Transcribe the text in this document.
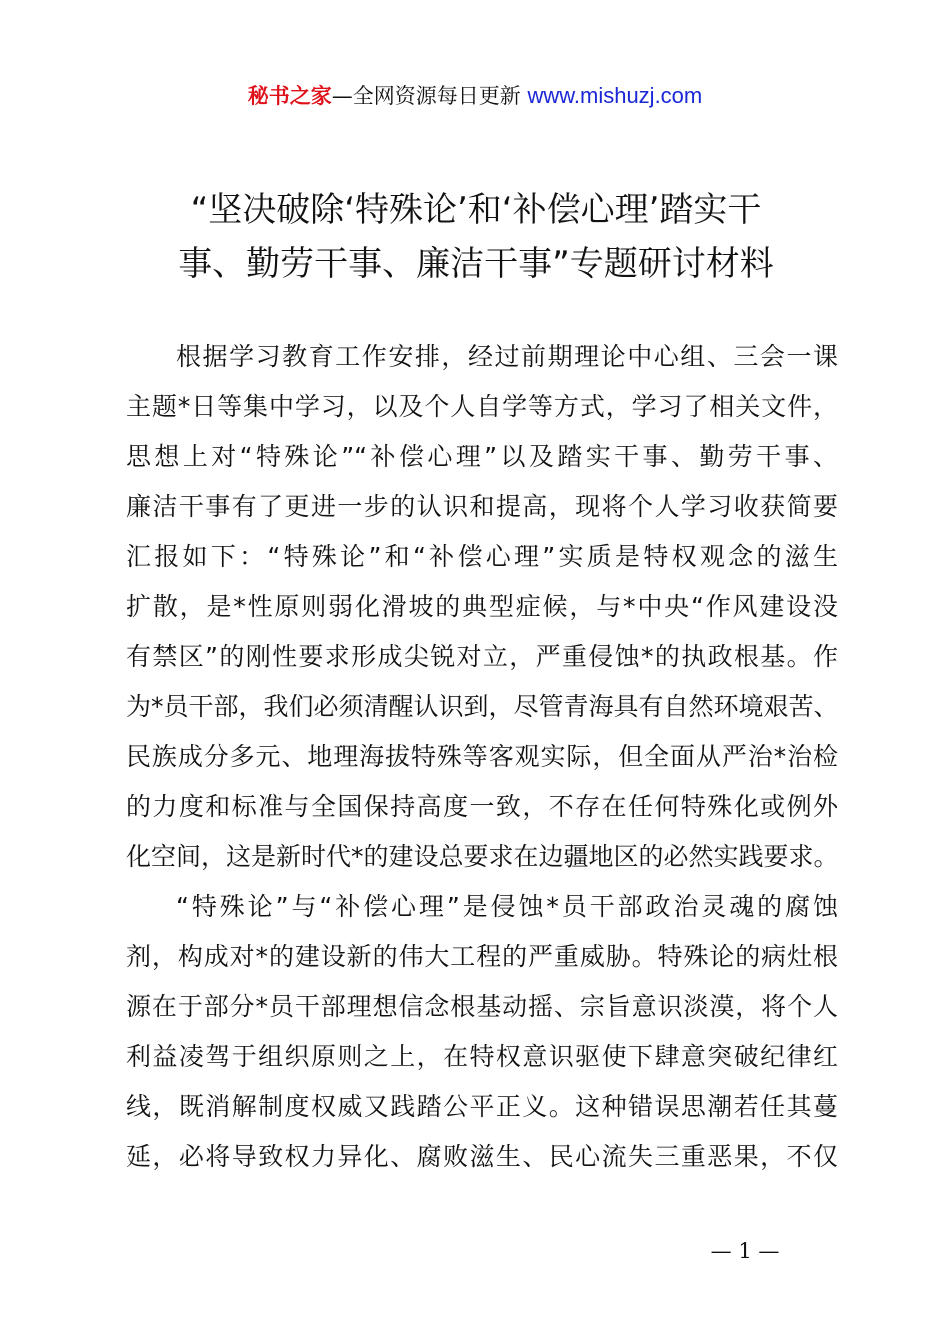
秘书之家—全网资源每日更新 www.mishuzj.com
“坚决破除‘特殊论’和‘补偿心理’踏实干
事、勤劳干事、廉洁干事”专题研讨材料
根据学习教育工作安排，经过前期理论中心组、三会一课
主题*日等集中学习，以及个人自学等方式，学习了相关文件，
思想上对“特殊论”“补偿心理”以及踏实干事、勤劳干事、
廉洁干事有了更进一步的认识和提高，现将个人学习收获简要
汇报如下：“特殊论”和“补偿心理”实质是特权观念的滋生
扩散，是*性原则弱化滑坡的典型症候，与*中央“作风建设没
有禁区”的刚性要求形成尖锐对立，严重侵蚀*的执政根基。作
为*员干部，我们必须清醒认识到，尽管青海具有自然环境艰苦、
民族成分多元、地理海拔特殊等客观实际，但全面从严治*治检
的力度和标准与全国保持高度一致，不存在任何特殊化或例外
化空间，这是新时代*的建设总要求在边疆地区的必然实践要求。
“特殊论”与“补偿心理”是侵蚀*员干部政治灵魂的腐蚀
剂，构成对*的建设新的伟大工程的严重威胁。特殊论的病灶根
源在于部分*员干部理想信念根基动摇、宗旨意识淡漠，将个人
利益凌驾于组织原则之上，在特权意识驱使下肆意突破纪律红
线，既消解制度权威又践踏公平正义。这种错误思潮若任其蔓
延，必将导致权力异化、腐败滋生、民心流失三重恶果，不仅
— 1 —
